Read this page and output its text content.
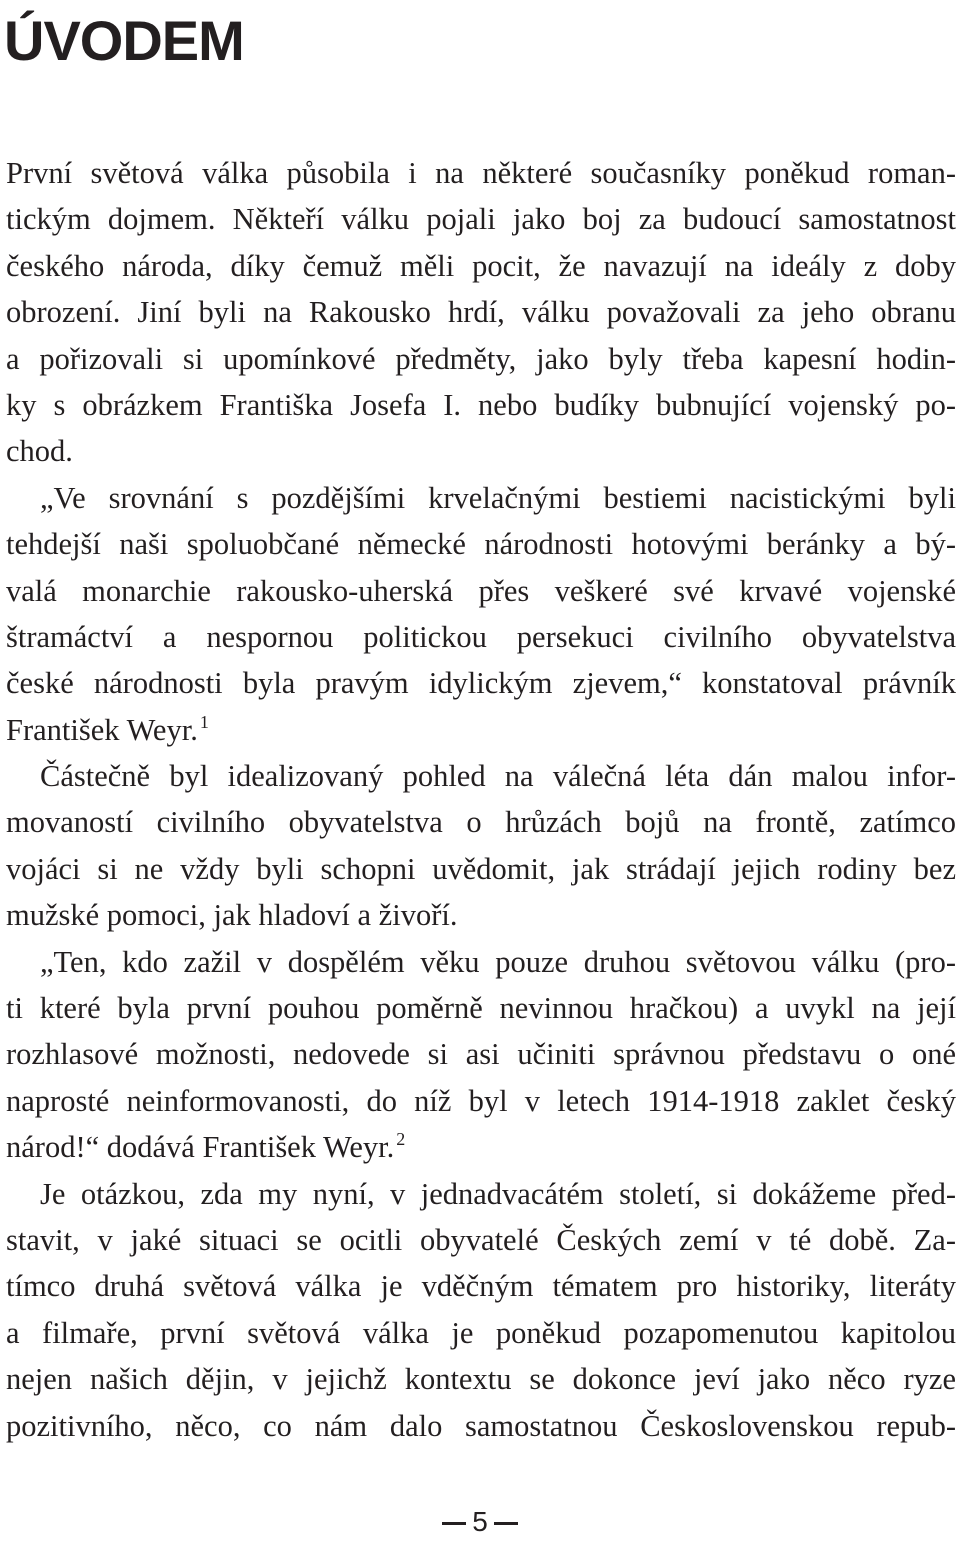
ÚVODEM
První světová válka působila i na některé současníky poněkud roman-
tickým dojmem. Někteří válku pojali jako boj za budoucí samostatnost
českého národa, díky čemuž měli pocit, že navazují na ideály z doby
obrození. Jiní byli na Rakousko hrdí, válku považovali za jeho obranu
a pořizovali si upomínkové předměty, jako byly třeba kapesní hodin-
ky s obrázkem Františka Josefa I. nebo budíky bubnující vojenský po-
chod.
„Ve srovnání s pozdějšími krvelačnými bestiemi nacistickými byli
tehdejší naši spoluobčané německé národnosti hotovými beránky a bý-
valá monarchie rakousko-uherská přes veškeré své krvavé vojenské
štramáctví a nespornou politickou persekuci civilního obyvatelstva
české národnosti byla pravým idylickým zjevem,“ konstatoval právník
František Weyr. $^1$
Částečně byl idealizovaný pohled na válečná léta dán malou infor-
movaností civilního obyvatelstva o hrůzách bojů na frontě, zatímco
vojáci si ne vždy byli schopni uvědomit, jak strádají jejich rodiny bez
mužské pomoci, jak hladoví a živoří.
„Ten, kdo zažil v dospělém věku pouze druhou světovou válku (pro-
ti které byla první pouhou poměrně nevinnou hračkou) a uvykl na její
rozhlasové možnosti, nedovede si asi učiniti správnou představu o oné
naprosté neinformovanosti, do níž byl v letech 1914-1918 zaklet český
národ!“ dodává František Weyr. $^2$
Je otázkou, zda my nyní, v jednadvacátém století, si dokážeme před-
stavit, v jaké situaci se ocitli obyvatelé Českých zemí v té době. Za-
tímco druhá světová válka je vděčným tématem pro historiky, literáty
a filmaře, první světová válka je poněkud pozapomenutou kapitolou
nejen našich dějin, v jejichž kontextu se dokonce jeví jako něco ryze
pozitivního, něco, co nám dalo samostatnou Československou repub-
5
